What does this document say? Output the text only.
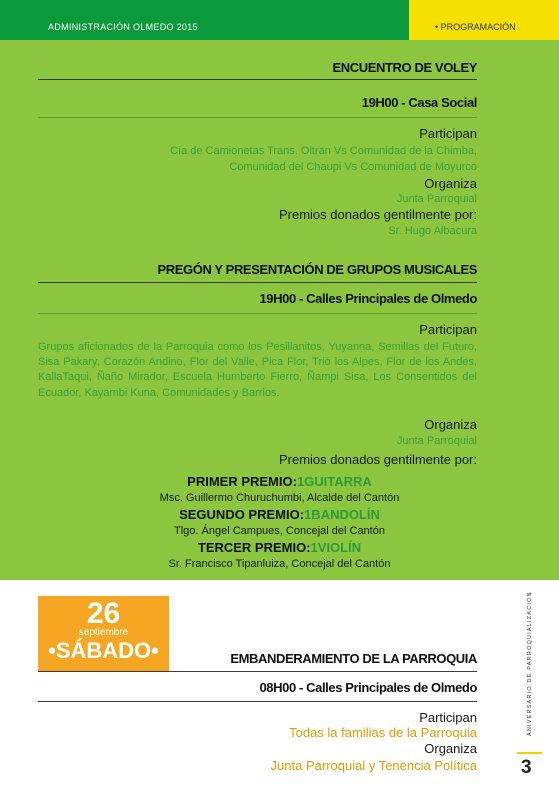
ADMINISTRACIÓN OLMEDO 2015	• PROGRAMACIÓN
ENCUENTRO DE VOLEY
19H00 - Casa Social
Participan
Cía de Camionetas Trans. Oltran Vs Comunidad de la Chimba,
Comunidad del Chaupi Vs Comunidad de Moyurco
Organiza
Junta Parroquial
Premios donados gentilmente por:
Sr. Hugo Albacura
PREGÓN Y PRESENTACIÓN DE GRUPOS MUSICALES
19H00 - Calles Principales de Olmedo
Participan
Grupos aficionados de la Parroquia como los Pesillanitos, Yuyanna, Semillas del Futuro, Sisa Pakary, Corazón Andino, Flor del Valle, Pica Flor, Trió los Alpes, Flor de los Andes, KallaTaqui, Ñaño Mirador, Escuela Humberto Fierro, Ñampi Sisa, Los Consentidos del Ecuador, Kayambi Kuna, Comunidades y Barrios.
Organiza
Junta Parroquial
Premios donados gentilmente por:
PRIMER PREMIO:1GUITARRA
Msc. Guillermo Churuchumbi, Alcalde del Cantón
SEGUNDO PREMIO:1BANDOLÍN
Tlgo. Ángel Campues, Concejal del Cantón
TERCER PREMIO:1VIOLÍN
Sr. Francisco Tipanluiza, Concejal del Cantón
26
septiembre
•SÁBADO•	EMBANDERAMIENTO DE LA PARROQUIA
08H00 - Calles Principales de Olmedo
Participan
Todas la familias de la Parroquia
Organiza
Junta Parroquial y Tenencia Política
ANIVERSARIO DE PARROQUIALIZACIÓN
3
